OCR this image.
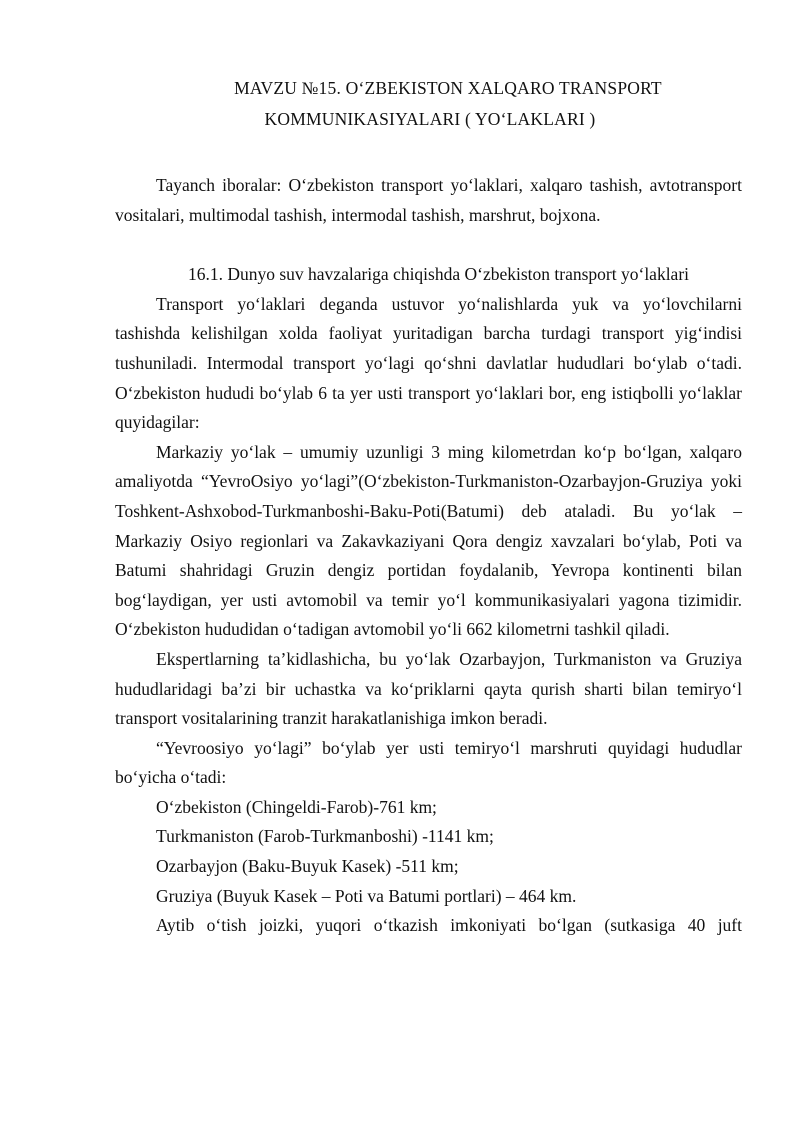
MAVZU №15. O‘ZBEKISTON XALQARO TRANSPORT
KOMMUNIKASIYALARI ( YO‘LAKLARI )

Tayanch iboralar: O‘zbekiston transport yo‘laklari, xalqaro tashish, avtotransport vositalari, multimodal tashish, intermodal tashish, marshrut, bojxona.

16.1. Dunyo suv havzalariga chiqishda O‘zbekiston transport yo‘laklari

Transport yo‘laklari deganda ustuvor yo‘nalishlarda yuk va yo‘lovchilarni tashishda kelishilgan xolda faoliyat yuritadigan barcha turdagi transport yig‘indisi tushuniladi. Intermodal transport yo‘lagi qo‘shni davlatlar hududlari bo‘ylab o‘tadi. O‘zbekiston hududi bo‘ylab 6 ta yer usti transport yo‘laklari bor, eng istiqbolli yo‘laklar quyidagilar:

Markaziy yo‘lak – umumiy uzunligi 3 ming kilometrdan ko‘p bo‘lgan, xalqaro amaliyotda “YevroOsiyo yo‘lagi”(O‘zbekiston-Turkmaniston-Ozarbayjon-Gruziya yoki Toshkent-Ashxobod-Turkmanboshi-Baku-Poti(Batumi) deb ataladi. Bu yo‘lak – Markaziy Osiyo regionlari va Zakavkaziyani Qora dengiz xavzalari bo‘ylab, Poti va Batumi shahridagi Gruzin dengiz portidan foydalanib, Yevropa kontinenti bilan bog‘laydigan, yer usti avtomobil va temir yo‘l kommunikasiyalari yagona tizimidir. O‘zbekiston hududidan o‘tadigan avtomobil yo‘li 662 kilometrni tashkil qiladi.

Ekspertlarning ta’kidlashicha, bu yo‘lak Ozarbayjon, Turkmaniston va Gruziya hududlaridagi ba’zi bir uchastka va ko‘priklarni qayta qurish sharti bilan temiryo‘l transport vositalarining tranzit harakatlanishiga imkon beradi.

“Yevroosiyo yo‘lagi” bo‘ylab yer usti temiryo‘l marshruti quyidagi hududlar bo‘yicha o‘tadi:

O‘zbekiston (Chingeldi-Farob)-761 km;

Turkmaniston (Farob-Turkmanboshi) -1141 km;

Ozarbayjon (Baku-Buyuk Kasek) -511 km;

Gruziya (Buyuk Kasek – Poti va Batumi portlari) – 464 km.

Aytib o‘tish joizki, yuqori o‘tkazish imkoniyati bo‘lgan (sutkasiga 40 juft
